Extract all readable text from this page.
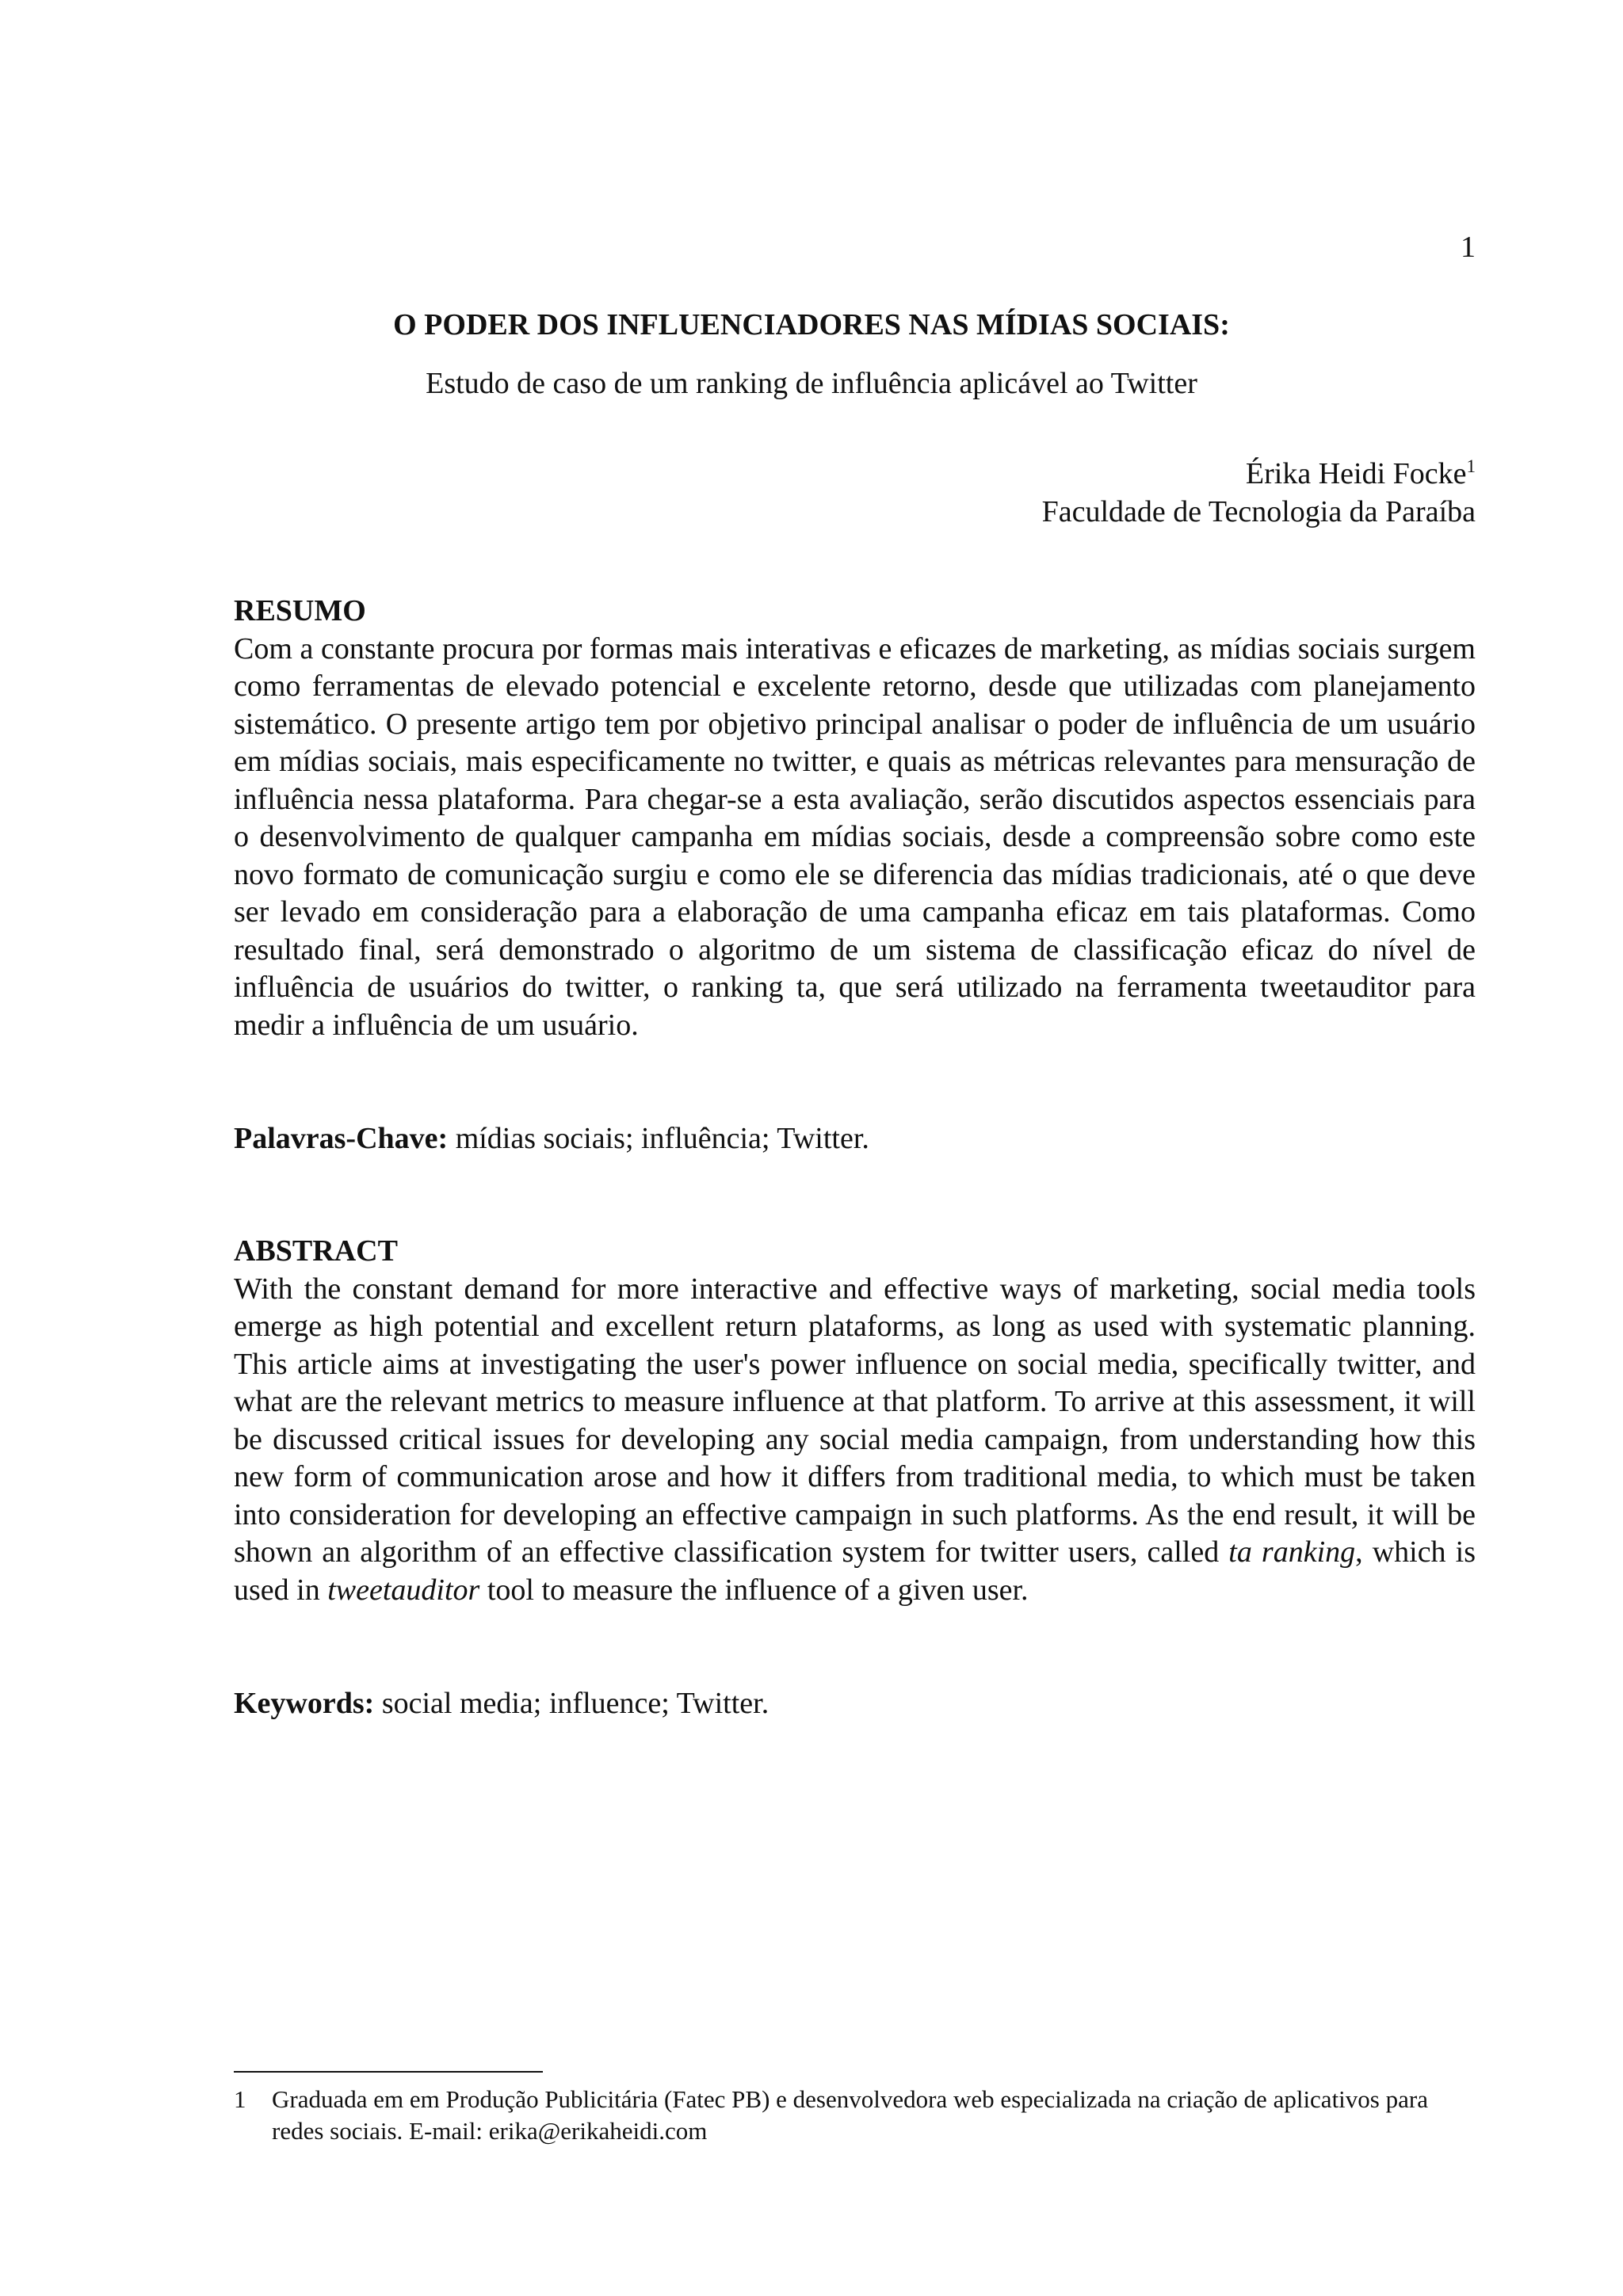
1
O PODER DOS INFLUENCIADORES NAS MÍDIAS SOCIAIS:
Estudo de caso de um ranking de influência aplicável ao Twitter
Érika Heidi Focke$^1$
Faculdade de Tecnologia da Paraíba

RESUMO

Com a constante procura por formas mais interativas e eficazes de marketing, as mídias sociais surgem como ferramentas de elevado potencial e excelente retorno, desde que utilizadas com planejamento sistemático. O presente artigo tem por objetivo principal analisar o poder de influência de um usuário em mídias sociais, mais especificamente no twitter, e quais as métricas relevantes para mensuração de influência nessa plataforma. Para chegar-se a esta avaliação, serão discutidos aspectos essenciais para o desenvolvimento de qualquer campanha em mídias sociais, desde a compreensão sobre como este novo formato de comunicação surgiu e como ele se diferencia das mídias tradicionais, até o que deve ser levado em consideração para a elaboração de uma campanha eficaz em tais plataformas. Como resultado final, será demonstrado o algoritmo de um sistema de classificação eficaz do nível de influência de usuários do twitter, o ranking ta, que será utilizado na ferramenta tweetauditor para medir a influência de um usuário.

Palavras-Chave: mídias sociais; influência; Twitter.

ABSTRACT

With the constant demand for more interactive and effective ways of marketing, social media tools emerge as high potential and excellent return plataforms, as long as used with systematic planning. This article aims at investigating the user's power influence on social media, specifically twitter, and what are the relevant metrics to measure influence at that platform. To arrive at this assessment, it will be discussed critical issues for developing any social media campaign, from understanding how this new form of communication arose and how it differs from traditional media, to which must be taken into consideration for developing an effective campaign in such platforms. As the end result, it will be shown an algorithm of an effective classification system for twitter users, called ta ranking, which is used in tweetauditor tool to measure the influence of a given user.

Keywords: social media; influence; Twitter.
1 Graduada em em Produção Publicitária (Fatec PB) e desenvolvedora web especializada na criação de aplicativos para redes sociais. E-mail: erika@erikaheidi.com
